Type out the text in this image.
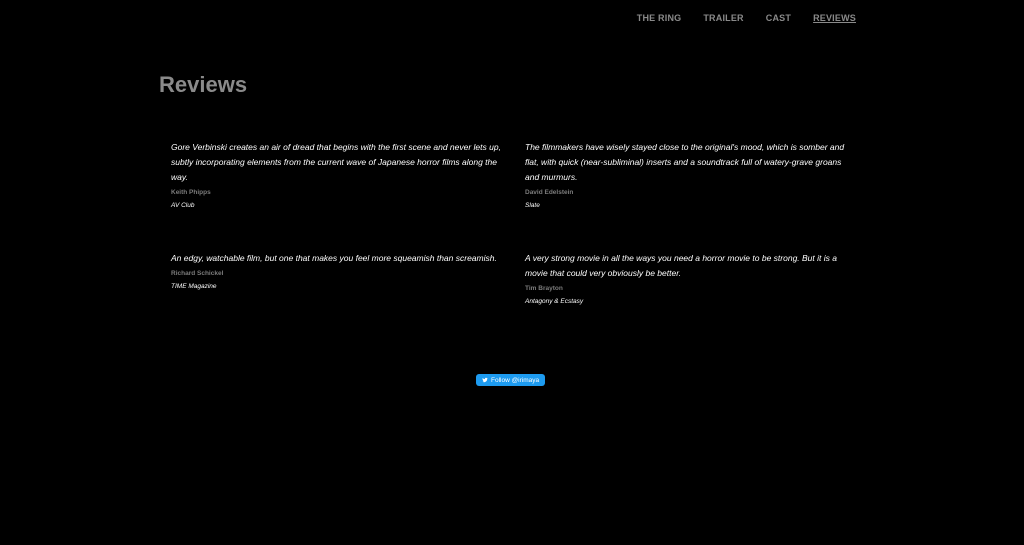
THE RING TRAILER CAST REVIEWS
Reviews

Gore Verbinski creates an air of dread that begins with the first scene and never lets up, subtly incorporating elements from the current wave of Japanese horror films along the way.

Keith Phipps
AV Club

The filmmakers have wisely stayed close to the original's mood, which is somber and flat, with quick (near-subliminal) inserts and a soundtrack full of watery-grave groans and murmurs.

David Edelstein
Slate

An edgy, watchable film, but one that makes you feel more squeamish than screamish.

Richard Schickel
TIME Magazine

A very strong movie in all the ways you need a horror movie to be strong. But it is a movie that could very obviously be better.

Tim Brayton
Antagony & Ecstasy
Follow @irimaya
